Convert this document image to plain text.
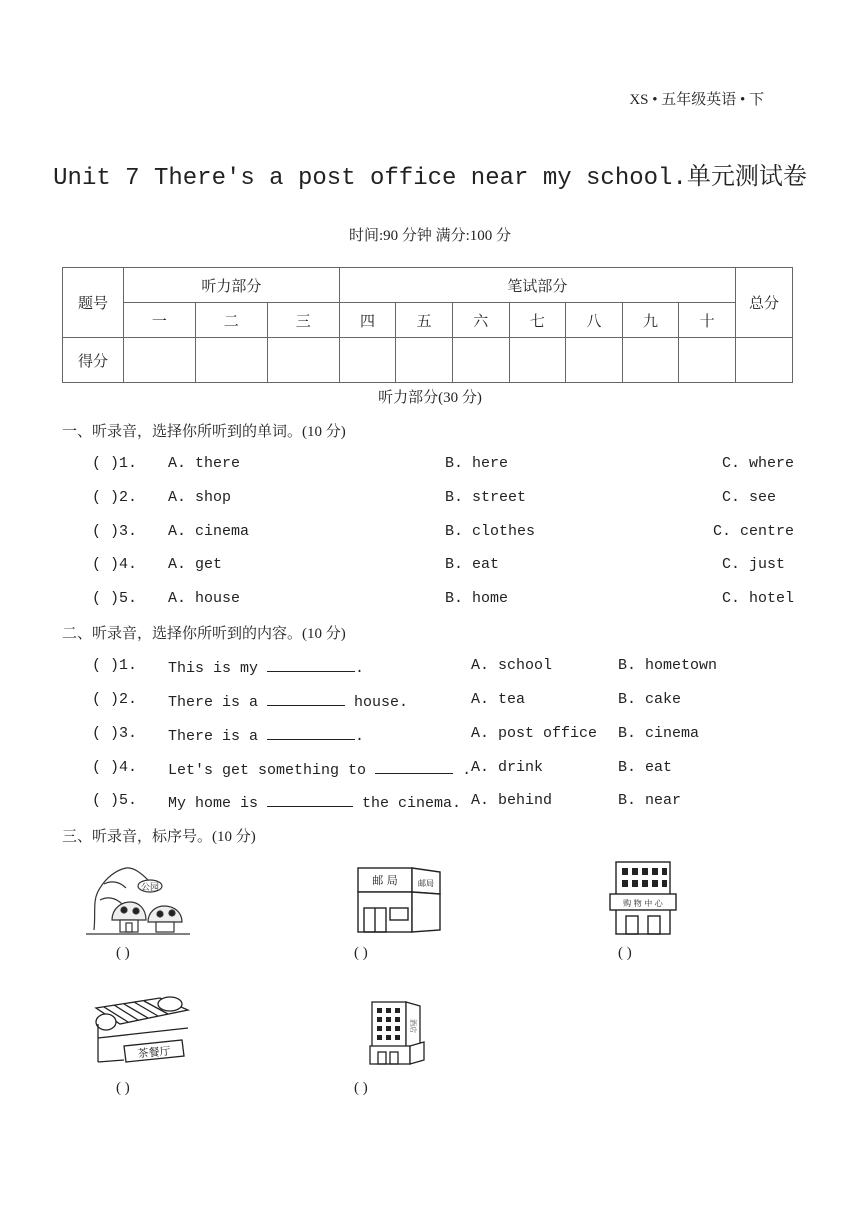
XS • 五年级英语 • 下
Unit 7 There's a post office near my school.单元测试卷
时间:90 分钟 满分:100 分
题号	听力部分			笔试部分							总分
	一	二	三	四	五	六	七	八	九	十	
得分											
听力部分(30 分)
一、听录音，选择你所听到的单词。(10 分)
( )1. A. there	B. here	C. where
( )2. A. shop	B. street	C. see
( )3. A. cinema	B. clothes	C. centre
( )4. A. get	B. eat	C. just
( )5. A. house	B. home	C. hotel
二、听录音，选择你所听到的内容。(10 分)
( )1. This is my	.	A. school	B. hometown
( )2. There is a	house.	A. tea	B. cake
( )3. There is a	.	A. post office B. cinema
( )4. Let's get something to	. A. drink	B. eat
( )5. My home is	the cinema. A. behind	B. near
三、听录音，标序号。(10 分)
公园
( )
邮 局	邮局
( )
购 物 中 心
( )
茶餐厅
( )
酒店
( )
